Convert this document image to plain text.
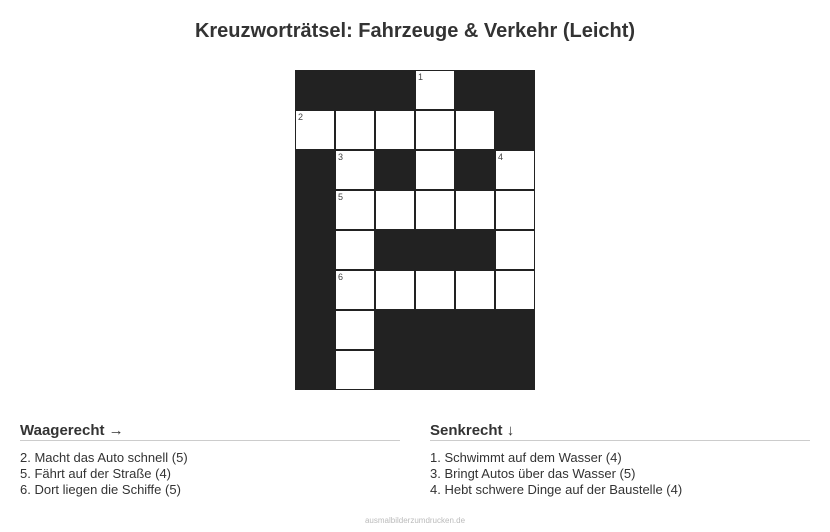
Kreuzworträtsel: Fahrzeuge & Verkehr (Leicht)
1
2
3	4
5
6
Waagerecht →
2. Macht das Auto schnell (5)
5. Fährt auf der Straße (4)
6. Dort liegen die Schiffe (5)
Senkrecht ↓
1. Schwimmt auf dem Wasser (4)
3. Bringt Autos über das Wasser (5)
4. Hebt schwere Dinge auf der Baustelle (4)
ausmalbilderzumdrucken.de
